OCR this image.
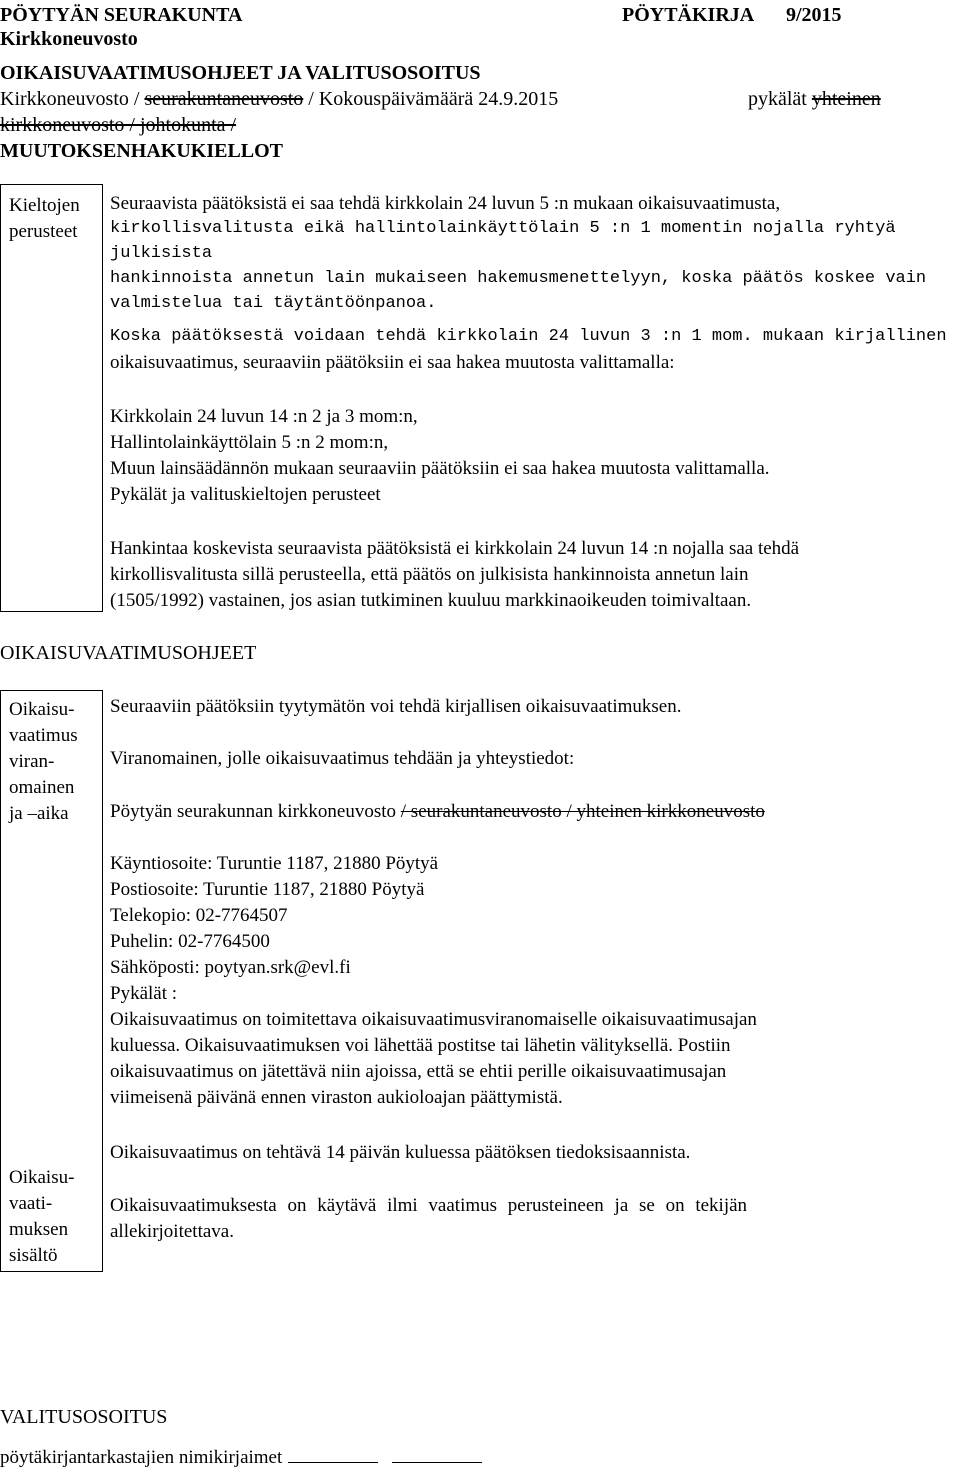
PÖYTYÄN SEURAKUNTA	PÖYTÄKIRJA 9/2015
Kirkkoneuvosto
OIKAISUVAATIMUSOHJEET JA VALITUSOSOITUS
Kirkkoneuvosto / seurakuntaneuvosto / Kokouspäivämäärä 24.9.2015	pykälät yhteinen
kirkkoneuvosto / johtokunta /
MUUTOKSENHAKUKIELLOT
Kieltojen
perusteet
Seuraavista päätöksistä ei saa tehdä kirkkolain 24 luvun 5 :n mukaan oikaisuvaatimusta,
kirkollisvalitusta eikä hallintolainkäyttölain 5 :n 1 momentin nojalla ryhtyä julkisista
hankinnoista annetun lain mukaiseen hakemusmenettelyyn, koska päätös koskee vain
valmistelua tai täytäntöönpanoa.
Koska päätöksestä voidaan tehdä kirkkolain 24 luvun 3 :n 1 mom. mukaan kirjallinen
oikaisuvaatimus, seuraaviin päätöksiin ei saa hakea muutosta valittamalla:
Kirkkolain 24 luvun 14 :n 2 ja 3 mom:n,
Hallintolainkäyttölain 5 :n 2 mom:n,
Muun lainsäädännön mukaan seuraaviin päätöksiin ei saa hakea muutosta valittamalla.
Pykälät ja valituskieltojen perusteet
Hankintaa koskevista seuraavista päätöksistä ei kirkkolain 24 luvun 14 :n nojalla saa tehdä
kirkollisvalitusta sillä perusteella, että päätös on julkisista hankinnoista annetun lain
(1505/1992) vastainen, jos asian tutkiminen kuuluu markkinaoikeuden toimivaltaan.
OIKAISUVAATIMUSOHJEET
Oikaisu-
vaatimus
viran-
omainen
ja –aika
Oikaisu-
vaati-
muksen
sisältö
Seuraaviin päätöksiin tyytymätön voi tehdä kirjallisen oikaisuvaatimuksen.
Viranomainen, jolle oikaisuvaatimus tehdään ja yhteystiedot:
Pöytyän seurakunnan kirkkoneuvosto / seurakuntaneuvosto / yhteinen kirkkoneuvosto
Käyntiosoite: Turuntie 1187, 21880 Pöytyä
Postiosoite: Turuntie 1187, 21880 Pöytyä
Telekopio: 02-7764507
Puhelin: 02-7764500
Sähköposti: poytyan.srk@evl.fi
Pykälät :
Oikaisuvaatimus on toimitettava oikaisuvaatimusviranomaiselle oikaisuvaatimusajan
kuluessa. Oikaisuvaatimuksen voi lähettää postitse tai lähetin välityksellä. Postiin
oikaisuvaatimus on jätettävä niin ajoissa, että se ehtii perille oikaisuvaatimusajan
viimeisenä päivänä ennen viraston aukioloajan päättymistä.
Oikaisuvaatimus on tehtävä 14 päivän kuluessa päätöksen tiedoksisaannista.
Oikaisuvaatimuksesta on käytävä ilmi vaatimus perusteineen ja se on tekijän
allekirjoitettava.
VALITUSOSOITUS
pöytäkirjantarkastajien nimikirjaimet
